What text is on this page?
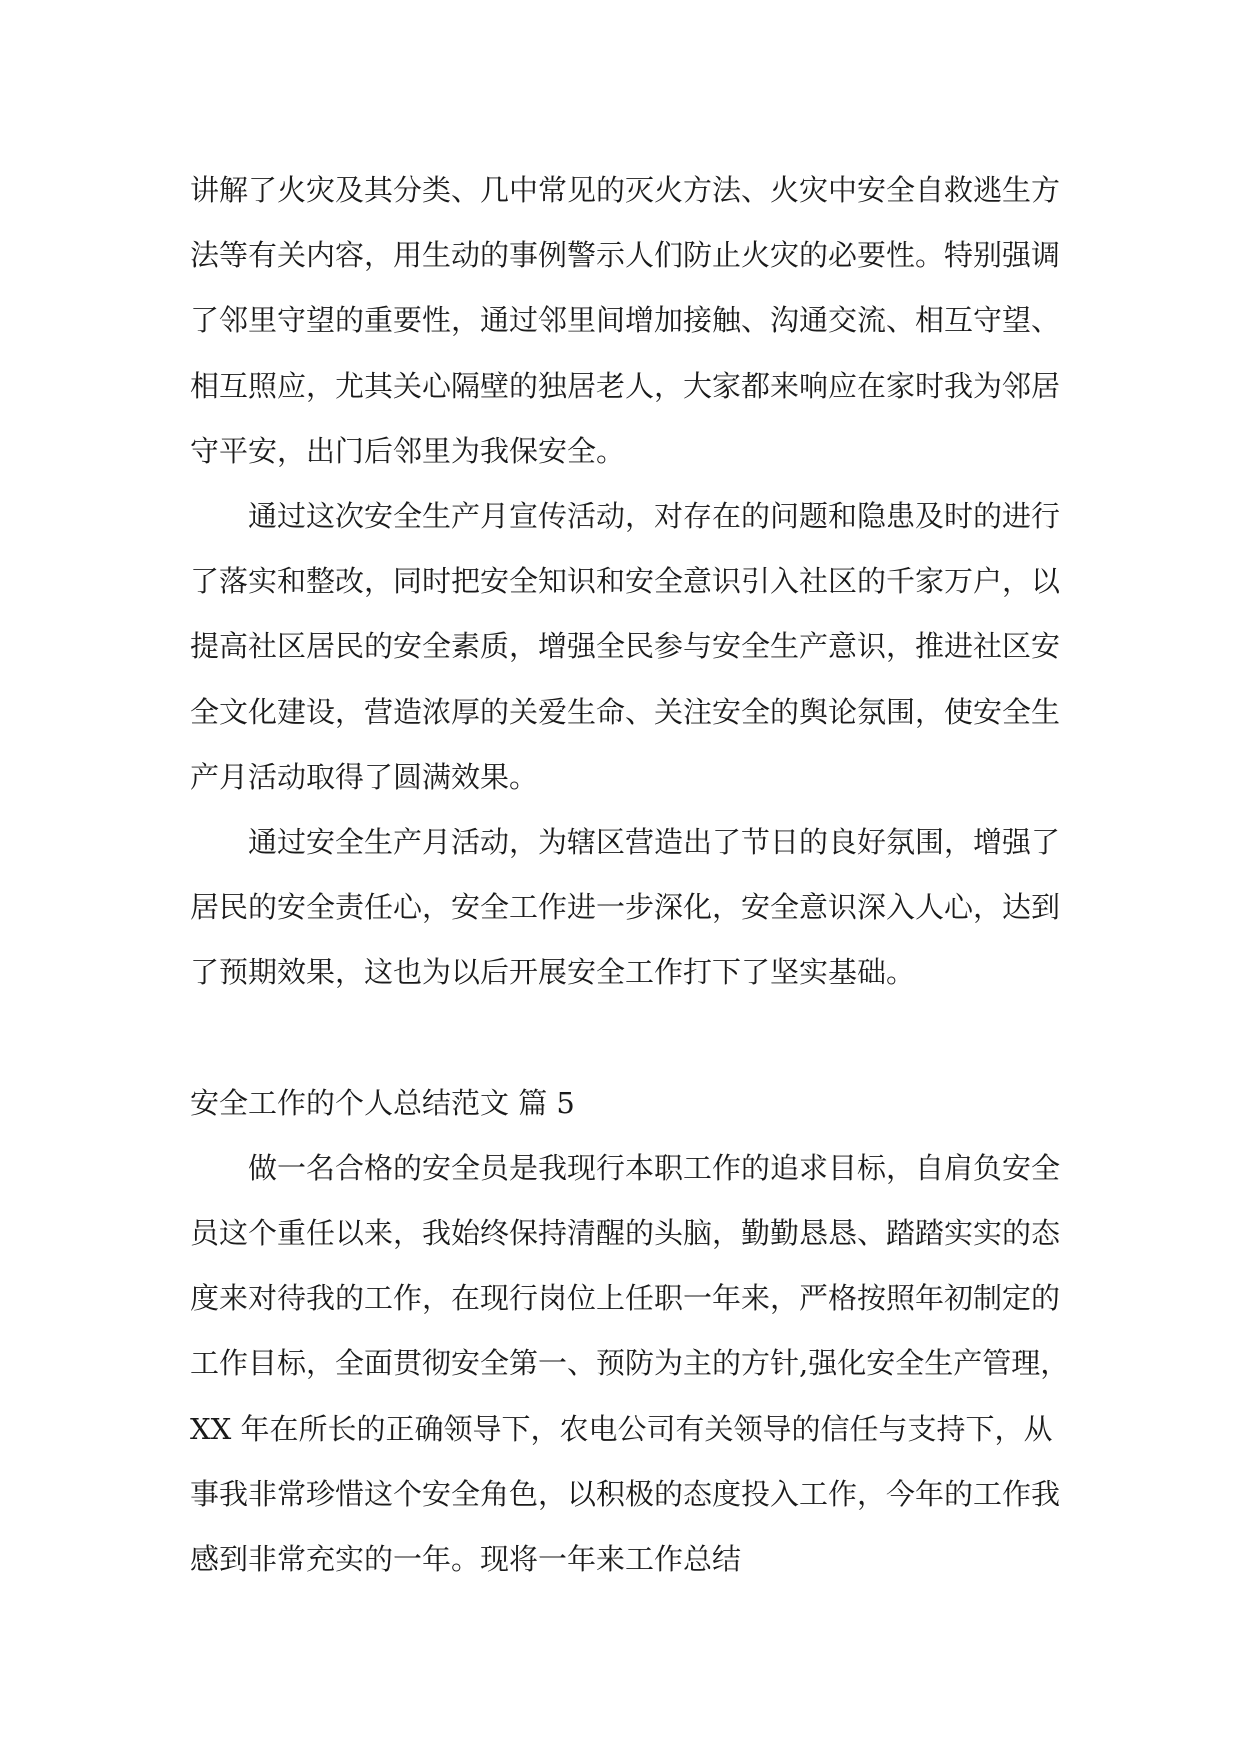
讲解了火灾及其分类、几中常见的灭火方法、火灾中安全自救逃生方
法等有关内容，用生动的事例警示人们防止火灾的必要性。特别强调
了邻里守望的重要性，通过邻里间增加接触、沟通交流、相互守望、
相互照应，尤其关心隔壁的独居老人，大家都来响应在家时我为邻居
守平安，出门后邻里为我保安全。

通过这次安全生产月宣传活动，对存在的问题和隐患及时的进行
了落实和整改，同时把安全知识和安全意识引入社区的千家万户，以
提高社区居民的安全素质，增强全民参与安全生产意识，推进社区安
全文化建设，营造浓厚的关爱生命、关注安全的舆论氛围，使安全生
产月活动取得了圆满效果。

通过安全生产月活动，为辖区营造出了节日的良好氛围，增强了
居民的安全责任心，安全工作进一步深化，安全意识深入人心，达到
了预期效果，这也为以后开展安全工作打下了坚实基础。

安全工作的个人总结范文 篇 5

做一名合格的安全员是我现行本职工作的追求目标，自肩负安全
员这个重任以来，我始终保持清醒的头脑，勤勤恳恳、踏踏实实的态
度来对待我的工作，在现行岗位上任职一年来，严格按照年初制定的
工作目标，全面贯彻安全第一、预防为主的方针,强化安全生产管理，
XX 年在所长的正确领导下，农电公司有关领导的信任与支持下，从
事我非常珍惜这个安全角色，以积极的态度投入工作，今年的工作我
感到非常充实的一年。现将一年来工作总结
